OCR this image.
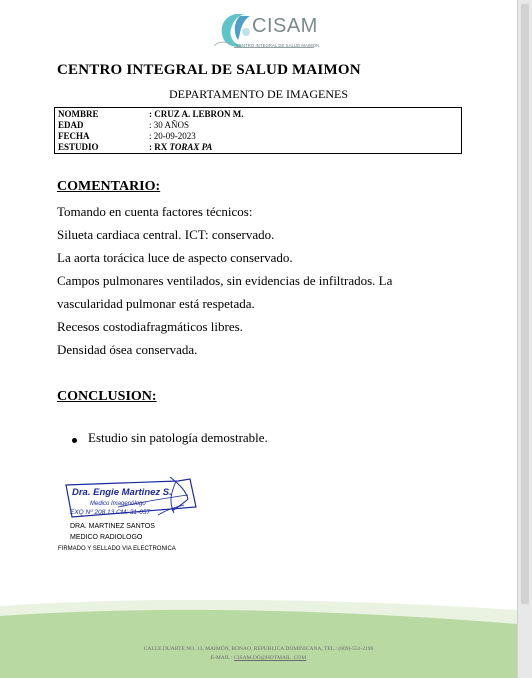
CISAM
CENTRO INTEGRAL DE SALUD MAIMON
CENTRO INTEGRAL DE SALUD MAIMON
DEPARTAMENTO DE IMAGENES
NOMBRE	: CRUZ A. LEBRON M.
EDAD	: 30 AÑOS
FECHA	: 20-09-2023
ESTUDIO	: RX TORAX PA
COMENTARIO:
Tomando en cuenta factores técnicos:
Silueta cardiaca central. ICT: conservado.
La aorta torácica luce de aspecto conservado.
Campos pulmonares ventilados, sin evidencias de infiltrados. La
vascularidad pulmonar está respetada.
Recesos costodiafragmáticos libres.
Densidad ósea conservada.
CONCLUSION:
Estudio sin patología demostrable.
Dra. Engie Martinez S.
Medico Imagenólogo
EXQ Nº 208 13 CM: 31-057
DRA. MARTINEZ SANTOS
MEDICO RADIOLOGO
FIRMADO Y SELLADO VIA ELECTRONICA
CALLE DUARTE NO. 13, MAIMÓN, BONAO, REPUBLICA DOMINICANA, TEL.: (809)-551-2196
E-MAIL : CISAM.DO@HOTMAIL .COM
